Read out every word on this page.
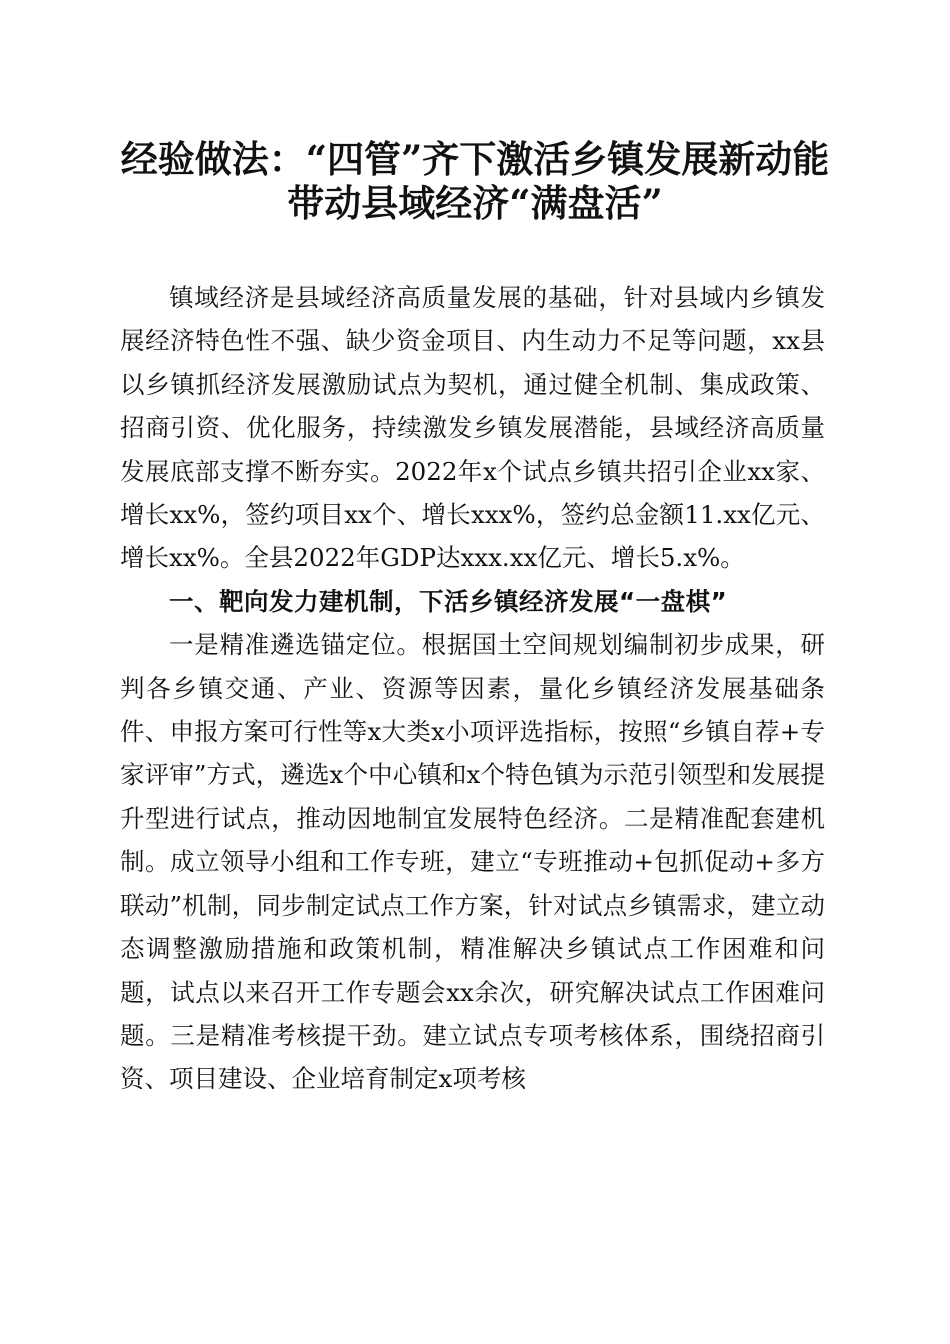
经验做法：“四管”齐下激活乡镇发展新动能
带动县域经济“满盘活”

镇域经济是县域经济高质量发展的基础，针对县域内乡镇发展经济特色性不强、缺少资金项目、内生动力不足等问题，xx县以乡镇抓经济发展激励试点为契机，通过健全机制、集成政策、招商引资、优化服务，持续激发乡镇发展潜能，县域经济高质量发展底部支撑不断夯实。2022年x个试点乡镇共招引企业xx家、增长xx%，签约项目xx个、增长xxx%，签约总金额11.xx亿元、增长xx%。全县2022年GDP达xxx.xx亿元、增长5.x%。

一、靶向发力建机制，下活乡镇经济发展“一盘棋”

一是精准遴选锚定位。根据国土空间规划编制初步成果，研判各乡镇交通、产业、资源等因素，量化乡镇经济发展基础条件、申报方案可行性等x大类x小项评选指标，按照“乡镇自荐+专家评审”方式，遴选x个中心镇和x个特色镇为示范引领型和发展提升型进行试点，推动因地制宜发展特色经济。二是精准配套建机制。成立领导小组和工作专班，建立“专班推动+包抓促动+多方联动”机制，同步制定试点工作方案，针对试点乡镇需求，建立动态调整激励措施和政策机制，精准解决乡镇试点工作困难和问题，试点以来召开工作专题会xx余次，研究解决试点工作困难问题。三是精准考核提干劲。建立试点专项考核体系，围绕招商引资、项目建设、企业培育制定x项考核
